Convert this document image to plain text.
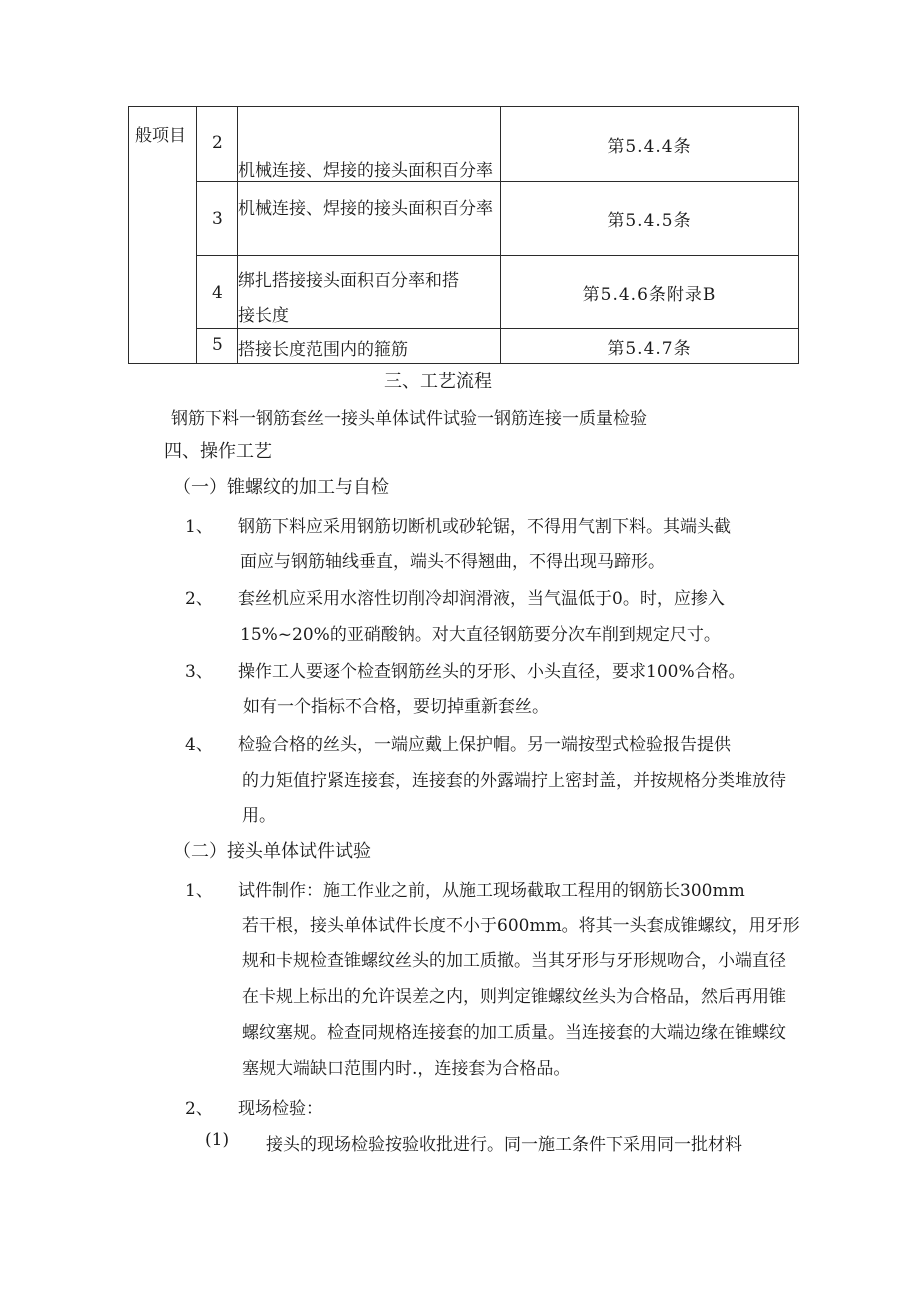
般项目	2	机械连接、焊接的接头面积百分率	第5.4.4条

	3	机械连接、焊接的接头面积百分率	第5.4.5条

	4	绑扎搭接接头面积百分率和搭
接长度	第5.4.6条附录B

	5	搭接长度范围内的箍筋	第5.4.7条
三、工艺流程
钢筋下料一钢筋套丝一接头单体试件试验一钢筋连接一质量检验
四、操作工艺
（一）锥螺纹的加工与自检
1、 钢筋下料应采用钢筋切断机或砂轮锯，不得用气割下料。其端头截
面应与钢筋轴线垂直，端头不得翘曲，不得出现马蹄形。
2、 套丝机应采用水溶性切削冷却润滑液，当气温低于0。时，应掺入
15%~20%的亚硝酸钠。对大直径钢筋要分次车削到规定尺寸。
3、 操作工人要逐个检查钢筋丝头的牙形、小头直径，要求100%合格。
如有一个指标不合格，要切掉重新套丝。
4、 检验合格的丝头，一端应戴上保护帽。另一端按型式检验报告提供
的力矩值拧紧连接套，连接套的外露端拧上密封盖，并按规格分类堆放待
用。
（二）接头单体试件试验
1、 试件制作：施工作业之前，从施工现场截取工程用的钢筋长300mm
若干根，接头单体试件长度不小于600mm。将其一头套成锥螺纹，用牙形
规和卡规检查锥螺纹丝头的加工质撤。当其牙形与牙形规吻合，小端直径
在卡规上标出的允许误差之内，则判定锥螺纹丝头为合格品，然后再用锥
螺纹塞规。检查同规格连接套的加工质量。当连接套的大端边缘在锥蝶纹
塞规大端缺口范围内时.，连接套为合格品。
2、 现场检验：
(1) 接头的现场检验按验收批进行。同一施工条件下采用同一批材料
